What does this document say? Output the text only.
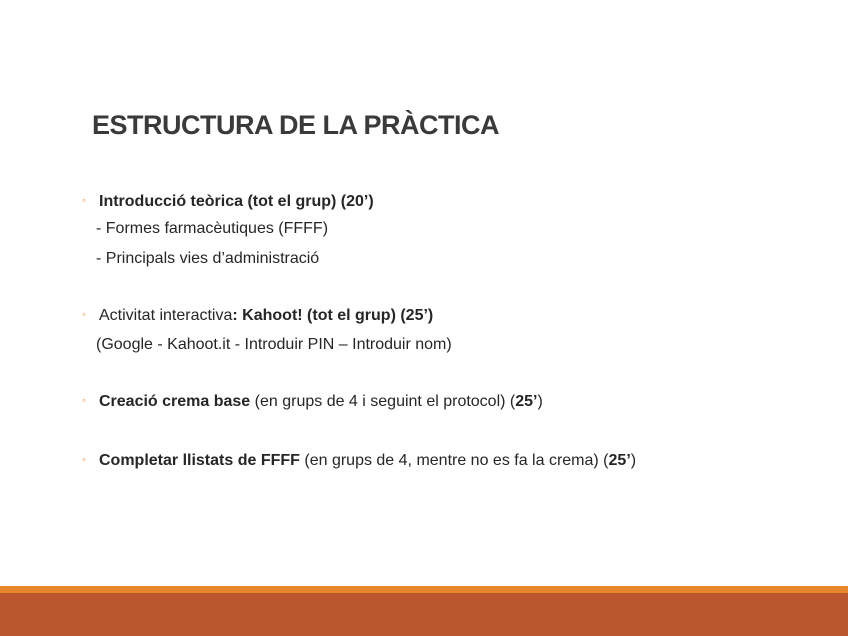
ESTRUCTURA DE LA PRÀCTICA
◦ Introducció teòrica (tot el grup) (20’)
- Formes farmacèutiques (FFFF)
- Principals vies d’administració
◦ Activitat interactiva: Kahoot! (tot el grup) (25’)
(Google - Kahoot.it - Introduir PIN – Introduir nom)
◦ Creació crema base (en grups de 4 i seguint el protocol) (25’)
◦ Completar llistats de FFFF (en grups de 4, mentre no es fa la crema) (25’)
